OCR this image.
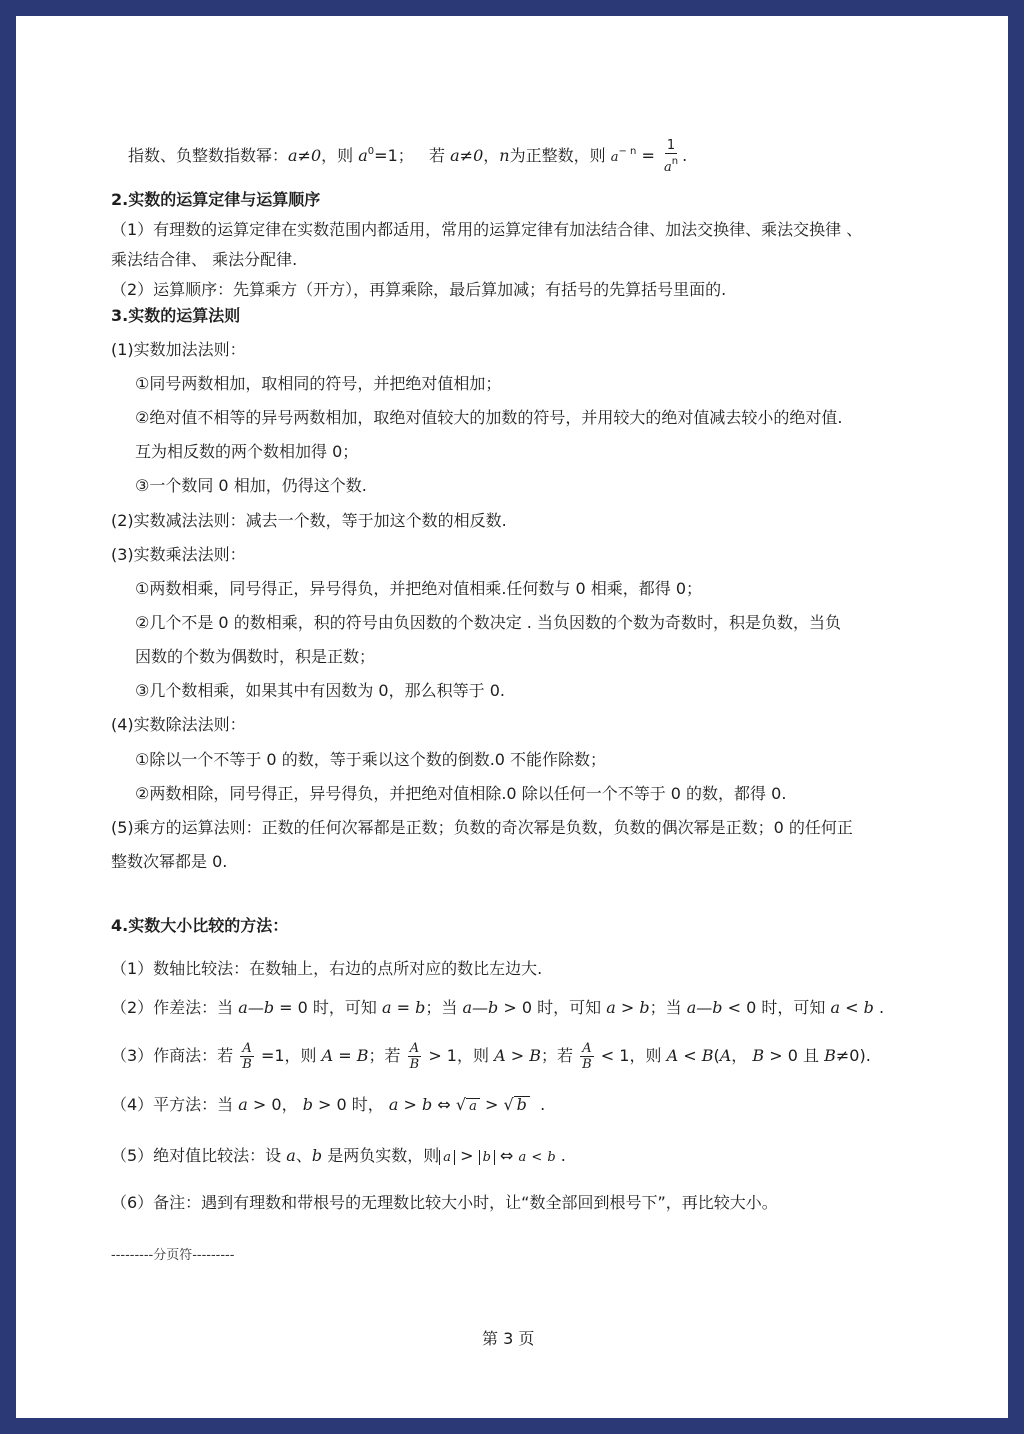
指数、负整数指数幂：a≠0，则 $a^0=1$； 若 a≠0，n为正整数，则 $a^{- n} = \frac{1}{a^n}$ .
2.实数的运算定律与运算顺序
（1）有理数的运算定律在实数范围内都适用，常用的运算定律有加法结合律、加法交换律、乘法交换律 、
乘法结合律、 乘法分配律.
（2）运算顺序：先算乘方（开方），再算乘除，最后算加减；有括号的先算括号里面的.
3.实数的运算法则
(1)实数加法法则：
①同号两数相加，取相同的符号，并把绝对值相加；
②绝对值不相等的异号两数相加，取绝对值较大的加数的符号，并用较大的绝对值减去较小的绝对值.
互为相反数的两个数相加得 0；
③一个数同 0 相加，仍得这个数.
(2)实数减法法则：减去一个数，等于加这个数的相反数.
(3)实数乘法法则：
①两数相乘，同号得正，异号得负，并把绝对值相乘.任何数与 0 相乘，都得 0；
②几个不是 0 的数相乘，积的符号由负因数的个数决定 . 当负因数的个数为奇数时，积是负数，当负
因数的个数为偶数时，积是正数；
③几个数相乘，如果其中有因数为 0，那么积等于 0.
(4)实数除法法则：
①除以一个不等于 0 的数，等于乘以这个数的倒数.0 不能作除数；
②两数相除，同号得正，异号得负，并把绝对值相除.0 除以任何一个不等于 0 的数，都得 0.
(5)乘方的运算法则：正数的任何次幂都是正数；负数的奇次幂是负数，负数的偶次幂是正数；0 的任何正
整数次幂都是 0.
4.实数大小比较的方法：
（1）数轴比较法：在数轴上，右边的点所对应的数比左边大.
（2）作差法：当 a—b = 0 时，可知 a = b；当 a—b > 0 时，可知 a > b；当 a—b < 0 时，可知 a < b .
（3）作商法：若 $\frac{A}{B} =1$，则 A = B；若 $\frac{A}{B} > 1$，则 A > B；若 $\frac{A}{B} < 1$，则 A < B(A， B > 0 且 B≠0).
（4）平方法：当 a > 0， b > 0 时， a > b ⇔ √ a > √ b .
（5）绝对值比较法：设 a、b 是两负实数，则 a > b ⇔ a < b .
（6）备注：遇到有理数和带根号的无理数比较大小时，让“数全部回到根号下”，再比较大小。
---------分页符---------
第 3 页
